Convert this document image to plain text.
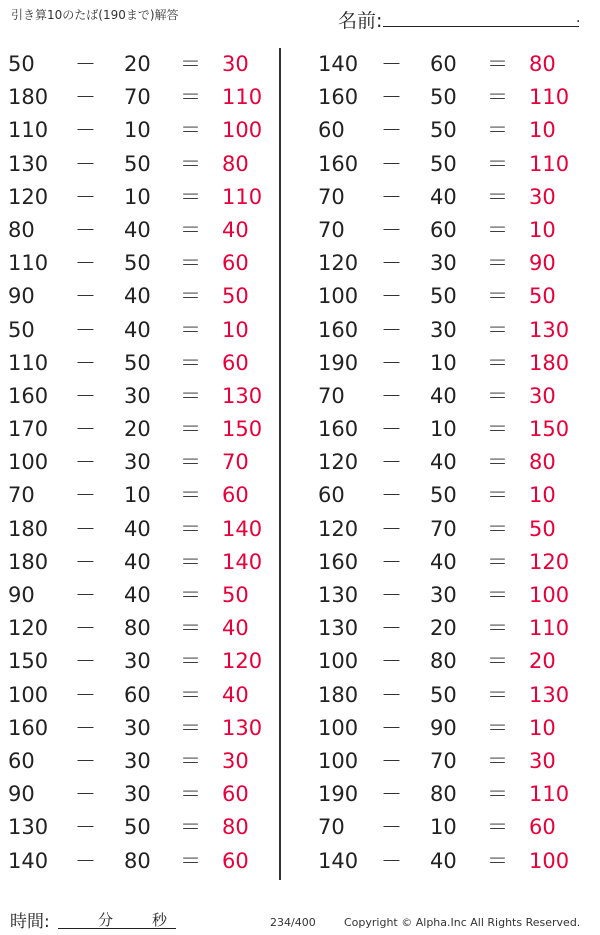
引き算10のたば(190まで)解答	名前:	.
50 － 20 ＝ 30
180 － 70 ＝ 110
110 － 10 ＝ 100
130 － 50 ＝ 80
120 － 10 ＝ 110
80 － 40 ＝ 40
110 － 50 ＝ 60
90 － 40 ＝ 50
50 － 40 ＝ 10
110 － 50 ＝ 60
160 － 30 ＝ 130
170 － 20 ＝ 150
100 － 30 ＝ 70
70 － 10 ＝ 60
180 － 40 ＝ 140
180 － 40 ＝ 140
90 － 40 ＝ 50
120 － 80 ＝ 40
150 － 30 ＝ 120
100 － 60 ＝ 40
160 － 30 ＝ 130
60 － 30 ＝ 30
90 － 30 ＝ 60
130 － 50 ＝ 80
140 － 80 ＝ 60
140 － 60 ＝ 80
160 － 50 ＝ 110
60 － 50 ＝ 10
160 － 50 ＝ 110
70 － 40 ＝ 30
70 － 60 ＝ 10
120 － 30 ＝ 90
100 － 50 ＝ 50
160 － 30 ＝ 130
190 － 10 ＝ 180
70 － 40 ＝ 30
160 － 10 ＝ 150
120 － 40 ＝ 80
60 － 50 ＝ 10
120 － 70 ＝ 50
160 － 40 ＝ 120
130 － 30 ＝ 100
130 － 20 ＝ 110
100 － 80 ＝ 20
180 － 50 ＝ 130
100 － 90 ＝ 10
100 － 70 ＝ 30
190 － 80 ＝ 110
70 － 10 ＝ 60
140 － 40 ＝ 100
時間:	分	秒	234/400	Copyright © Alpha.Inc All Rights Reserved.
